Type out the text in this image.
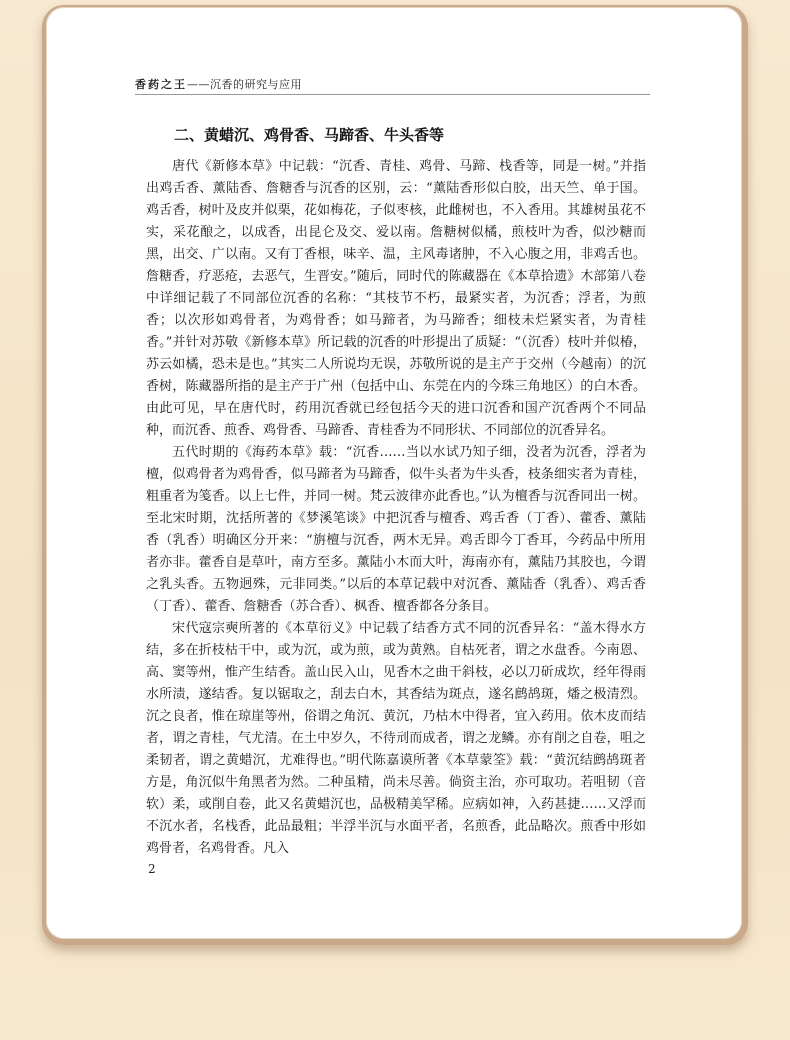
香药之王——沉香的研究与应用
二、黄蜡沉、鸡骨香、马蹄香、牛头香等

唐代《新修本草》中记载：“沉香、青桂、鸡骨、马蹄、栈香等，同是一树。”并指出鸡舌香、薰陆香、詹糖香与沉香的区别，云：“薰陆香形似白胶，出天竺、单于国。鸡舌香，树叶及皮并似栗，花如梅花，子似枣核，此雌树也，不入香用。其雄树虽花不实，采花酿之，以成香，出昆仑及交、爱以南。詹糖树似橘，煎枝叶为香，似沙糖而黑，出交、广以南。又有丁香根，味辛、温，主风毒诸肿，不入心腹之用，非鸡舌也。詹糖香，疗恶疮，去恶气，生晋安。”随后，同时代的陈藏器在《本草拾遗》木部第八卷中详细记载了不同部位沉香的名称：“其枝节不朽，最紧实者，为沉香；浮者，为煎香；以次形如鸡骨者，为鸡骨香；如马蹄者，为马蹄香；细枝未烂紧实者，为青桂香。”并针对苏敬《新修本草》所记载的沉香的叶形提出了质疑：“（沉香）枝叶并似椿，苏云如橘，恐未是也。”其实二人所说均无误，苏敬所说的是主产于交州（今越南）的沉香树，陈藏器所指的是主产于广州（包括中山、东莞在内的今珠三角地区）的白木香。由此可见，早在唐代时，药用沉香就已经包括今天的进口沉香和国产沉香两个不同品种，而沉香、煎香、鸡骨香、马蹄香、青桂香为不同形状、不同部位的沉香异名。

五代时期的《海药本草》载：“沉香……当以水试乃知子细，没者为沉香，浮者为檀，似鸡骨者为鸡骨香，似马蹄者为马蹄香，似牛头者为牛头香，枝条细实者为青桂，粗重者为笺香。以上七件，并同一树。梵云波律亦此香也。”认为檀香与沉香同出一树。至北宋时期，沈括所著的《梦溪笔谈》中把沉香与檀香、鸡舌香（丁香）、藿香、薰陆香（乳香）明确区分开来：“旃檀与沉香，两木无异。鸡舌即今丁香耳，今药品中所用者亦非。藿香自是草叶，南方至多。薰陆小木而大叶，海南亦有，薰陆乃其胶也，今谓之乳头香。五物迥殊，元非同类。”以后的本草记载中对沉香、薰陆香（乳香）、鸡舌香（丁香）、藿香、詹糖香（苏合香）、枫香、檀香都各分条目。

宋代寇宗奭所著的《本草衍义》中记载了结香方式不同的沉香异名：“盖木得水方结，多在折枝枯干中，或为沉，或为煎，或为黄熟。自枯死者，谓之水盘香。今南恩、高、窦等州，惟产生结香。盖山民入山，见香木之曲干斜枝，必以刀斫成坎，经年得雨水所渍，遂结香。复以锯取之，刮去白木，其香结为斑点，遂名鹧鸪斑，燔之极清烈。沉之良者，惟在琼崖等州，俗谓之角沉、黄沉，乃枯木中得者，宜入药用。依木皮而结者，谓之青桂，气尤清。在土中岁久，不待刓而成者，谓之龙鳞。亦有削之自卷，咀之柔韧者，谓之黄蜡沉，尤难得也。”明代陈嘉谟所著《本草蒙筌》载：“黄沉结鹧鸪斑者方是，角沉似牛角黑者为然。二种虽精，尚未尽善。倘资主治，亦可取功。若咀韧（音软）柔，或削自卷，此又名黄蜡沉也，品极精美罕稀。应病如神，入药甚捷……又浮而不沉水者，名栈香，此品最粗；半浮半沉与水面平者，名煎香，此品略次。煎香中形如鸡骨者，名鸡骨香。凡入

2
